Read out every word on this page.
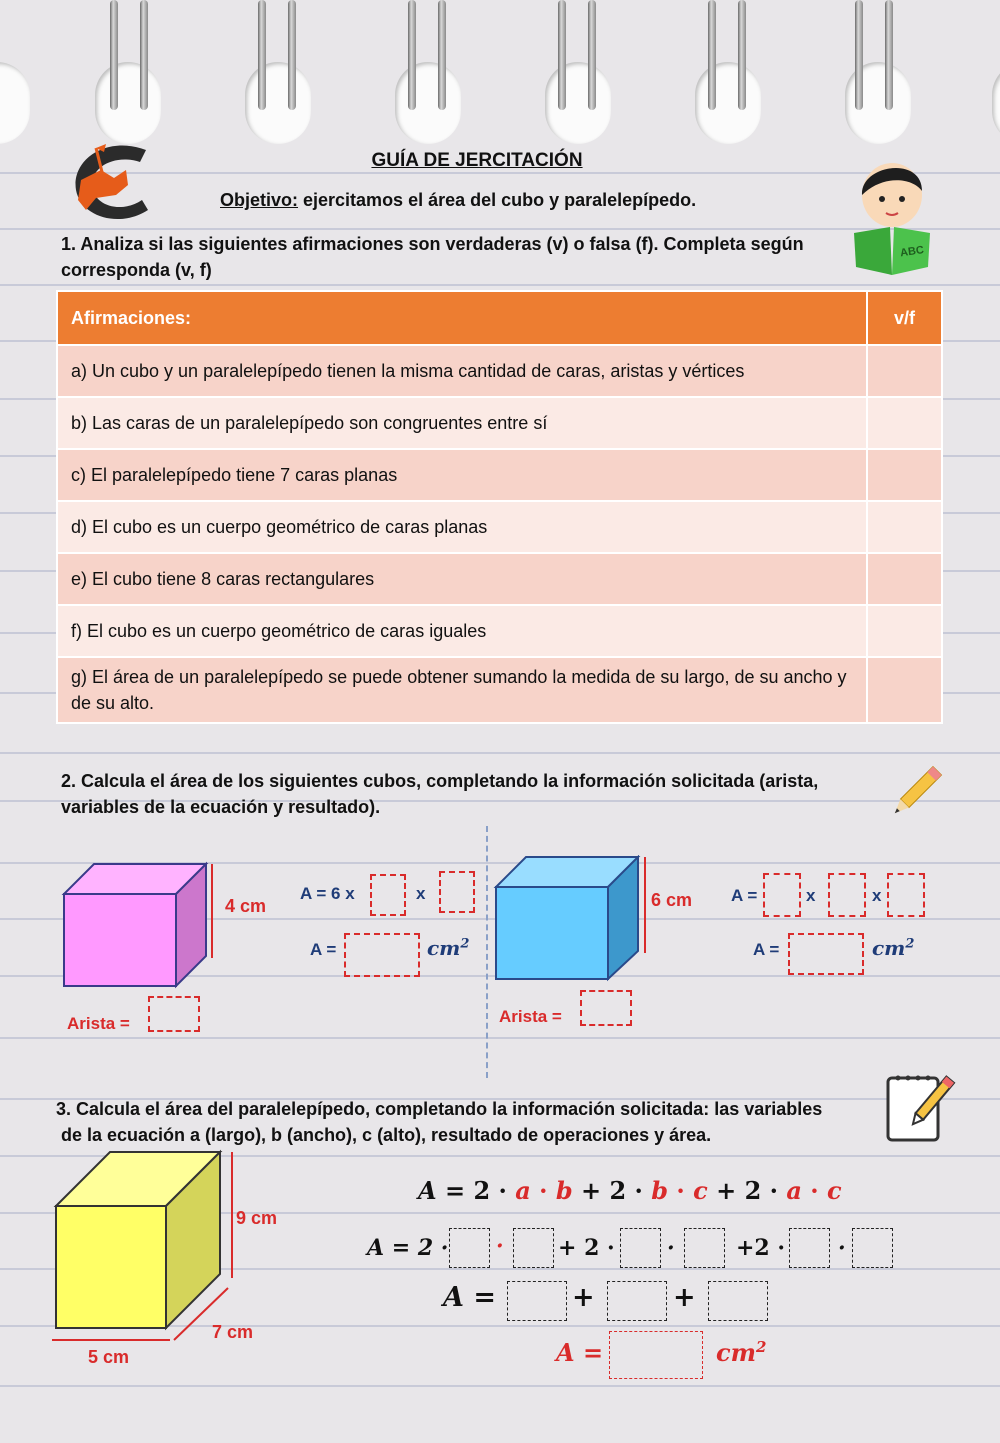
ABC
GUÍA DE JERCITACIÓN
Objetivo: ejercitamos el área del cubo y paralelepípedo.
1. Analiza si las siguientes afirmaciones son verdaderas (v) o falsa (f). Completa según
corresponda (v, f)
Afirmaciones:	v/f
a) Un cubo y un paralelepípedo tienen la misma cantidad de caras, aristas y vértices	
b) Las caras de un paralelepípedo son congruentes entre sí	
c) El paralelepípedo tiene 7 caras planas	
d) El cubo es un cuerpo geométrico de caras planas	
e) El cubo tiene 8 caras rectangulares	
f) El cubo es un cuerpo geométrico de caras iguales	
g) El área de un paralelepípedo se puede obtener sumando la medida de su largo, de su ancho y de su alto.	
2. Calcula el área de los siguientes cubos, completando la información solicitada (arista,
variables de la ecuación y resultado).
4 cm
A = 6 x	x
A =	$cm^2$
Arista =
6 cm A =	x	x
A =	$cm^2$
Arista =
3. Calcula el área del paralelepípedo, completando la información solicitada: las variables
de la ecuación a (largo), b (ancho), c (alto), resultado de operaciones y área.
9 cm
7 cm
5 cm
A = 2 · a · b + 2 · b · c + 2 · a · c
A = 2 · · + 2 · ·	+2 · ·
A =	+	+
A =	$cm^2$
